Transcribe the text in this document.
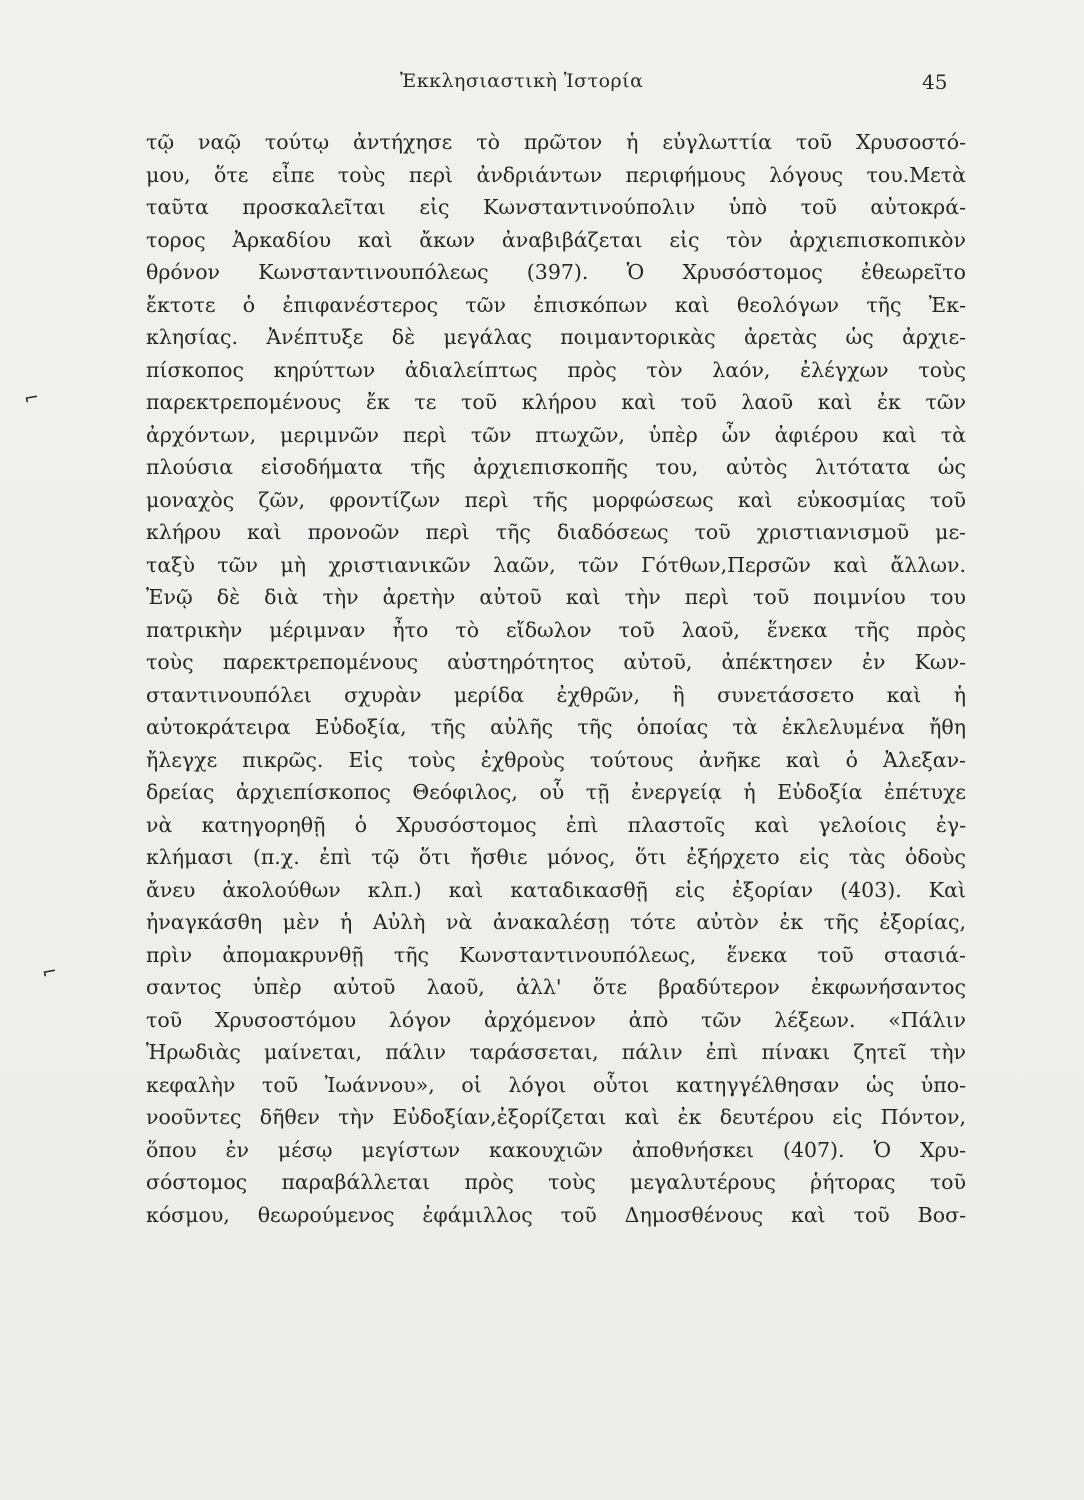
Ἐκκλησιαστικὴ Ἱστορία	45
⌐
⌐
τῷ ναῷ τούτῳ ἀντήχησε τὸ πρῶτον ἡ εὐγλωττία τοῦ Χρυσοστό-
μου, ὅτε εἶπε τοὺς περὶ ἀνδριάντων περιφήμους λόγους του.Μετὰ
ταῦτα προσκαλεῖται εἰς Κωνσταντινούπολιν ὑπὸ τοῦ αὐτοκρά-
τορος Ἀρκαδίου καὶ ἄκων ἀναβιβάζεται εἰς τὸν ἀρχιεπισκοπικὸν
θρόνον Κωνσταντινουπόλεως (397). Ὁ Χρυσόστομος ἐθεωρεῖτο
ἔκτοτε ὁ ἐπιφανέστερος τῶν ἐπισκόπων καὶ θεολόγων τῆς Ἐκ-
κλησίας. Ἀνέπτυξε δὲ μεγάλας ποιμαντορικὰς ἀρετὰς ὡς ἀρχιε-
πίσκοπος κηρύττων ἀδιαλείπτως πρὸς τὸν λαόν, ἐλέγχων τοὺς
παρεκτρεπομένους ἔκ τε τοῦ κλήρου καὶ τοῦ λαοῦ καὶ ἐκ τῶν
ἀρχόντων, μεριμνῶν περὶ τῶν πτωχῶν, ὑπὲρ ὧν ἀφιέρου καὶ τὰ
πλούσια εἰσοδήματα τῆς ἀρχιεπισκοπῆς του, αὐτὸς λιτότατα ὡς
μοναχὸς ζῶν, φροντίζων περὶ τῆς μορφώσεως καὶ εὐκοσμίας τοῦ
κλήρου καὶ προνοῶν περὶ τῆς διαδόσεως τοῦ χριστιανισμοῦ με-
ταξὺ τῶν μὴ χριστιανικῶν λαῶν, τῶν Γότθων,Περσῶν καὶ ἄλλων.
Ἐνῷ δὲ διὰ τὴν ἀρετὴν αὐτοῦ καὶ τὴν περὶ τοῦ ποιμνίου του
πατρικὴν μέριμναν ἦτο τὸ εἴδωλον τοῦ λαοῦ, ἕνεκα τῆς πρὸς
τοὺς παρεκτρεπομένους αὐστηρότητος αὐτοῦ, ἀπέκτησεν ἐν Κων-
σταντινουπόλει σχυρὰν μερίδα ἐχθρῶν, ἣ συνετάσσετο καὶ ἡ
αὐτοκράτειρα Εὐδοξία, τῆς αὐλῆς τῆς ὁποίας τὰ ἐκλελυμένα ἤθη
ἤλεγχε πικρῶς. Εἰς τοὺς ἐχθροὺς τούτους ἀνῆκε καὶ ὁ Ἀλεξαν-
δρείας ἀρχιεπίσκοπος Θεόφιλος, οὗ τῇ ἐνεργείᾳ ἡ Εὐδοξία ἐπέτυχε
νὰ κατηγορηθῇ ὁ Χρυσόστομος ἐπὶ πλαστοῖς καὶ γελοίοις ἐγ-
κλήμασι (π.χ. ἐπὶ τῷ ὅτι ἤσθιε μόνος, ὅτι ἐξήρχετο εἰς τὰς ὁδοὺς
ἄνευ ἀκολούθων κλπ.) καὶ καταδικασθῇ εἰς ἐξορίαν (403). Καὶ
ἠναγκάσθη μὲν ἡ Αὐλὴ νὰ ἀνακαλέσῃ τότε αὐτὸν ἐκ τῆς ἐξορίας,
πρὶν ἀπομακρυνθῇ τῆς Κωνσταντινουπόλεως, ἕνεκα τοῦ στασιά-
σαντος ὑπὲρ αὐτοῦ λαοῦ, ἀλλ' ὅτε βραδύτερον ἐκφωνήσαντος
τοῦ Χρυσοστόμου λόγον ἀρχόμενον ἀπὸ τῶν λέξεων. «Πάλιν
Ἡρωδιὰς μαίνεται, πάλιν ταράσσεται, πάλιν ἐπὶ πίνακι ζητεῖ τὴν
κεφαλὴν τοῦ Ἰωάννου», οἱ λόγοι οὗτοι κατηγγέλθησαν ὡς ὑπο-
νοοῦντες δῆθεν τὴν Εὐδοξίαν,ἐξορίζεται καὶ ἐκ δευτέρου εἰς Πόντον,
ὅπου ἐν μέσῳ μεγίστων κακουχιῶν ἀποθνήσκει (407). Ὁ Χρυ-
σόστομος παραβάλλεται πρὸς τοὺς μεγαλυτέρους ῥήτορας τοῦ
κόσμου, θεωρούμενος ἐφάμιλλος τοῦ Δημοσθένους καὶ τοῦ Βοσ-
